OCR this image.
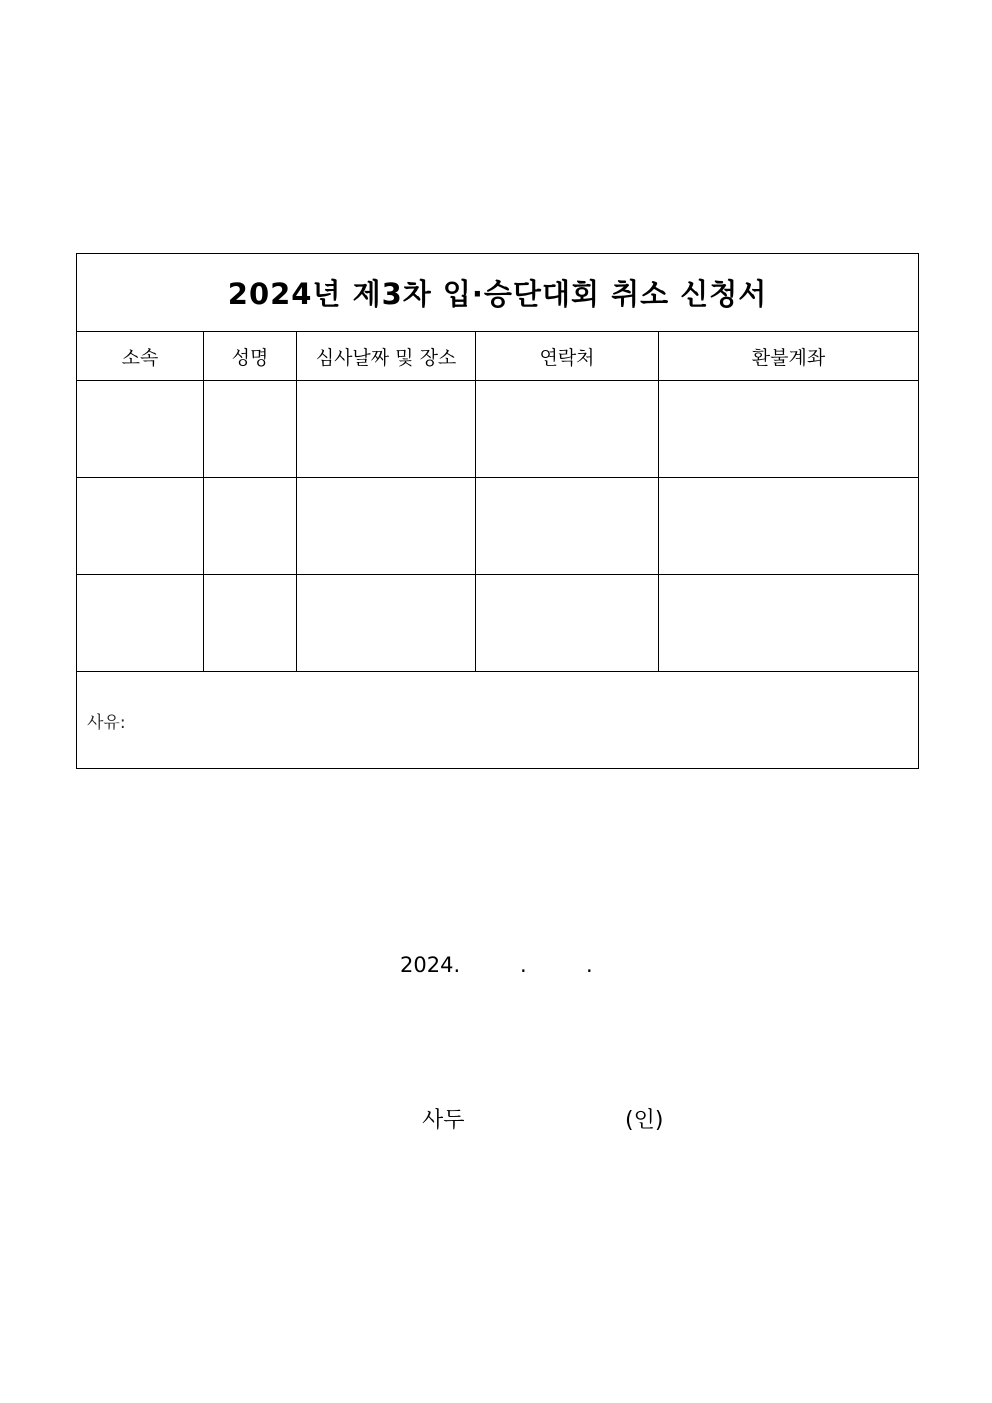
2024년 제3차 입·승단대회 취소 신청서				
소속	성명	심사날짜 및 장소	연락처	환불계좌

사유:				
2024.	.	.
사두	(인)
